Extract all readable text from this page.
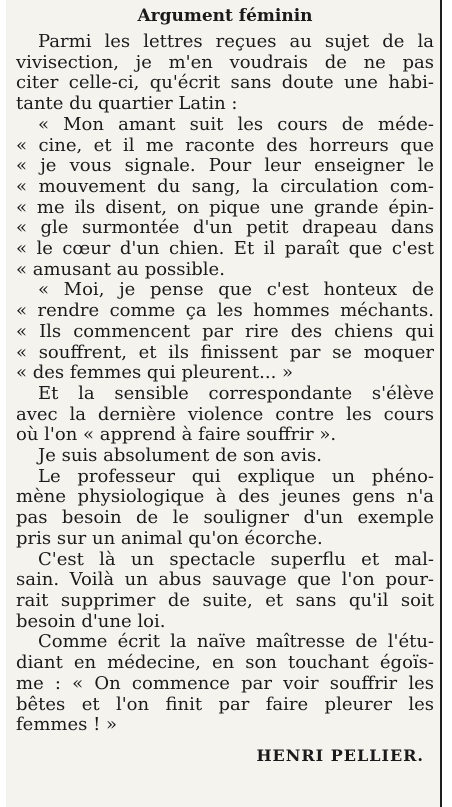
Argument féminin
Parmi les lettres reçues au sujet de la
vivisection, je m'en voudrais de ne pas
citer celle-ci, qu'écrit sans doute une habi-
tante du quartier Latin :
« Mon amant suit les cours de méde-
« cine, et il me raconte des horreurs que
« je vous signale. Pour leur enseigner le
« mouvement du sang, la circulation com-
« me ils disent, on pique une grande épin-
« gle surmontée d'un petit drapeau dans
« le cœur d'un chien. Et il paraît que c'est
« amusant au possible.
« Moi, je pense que c'est honteux de
« rendre comme ça les hommes méchants.
« Ils commencent par rire des chiens qui
« souffrent, et ils finissent par se moquer
« des femmes qui pleurent... »
Et la sensible correspondante s'élève
avec la dernière violence contre les cours
où l'on « apprend à faire souffrir ».
Je suis absolument de son avis.
Le professeur qui explique un phéno-
mène physiologique à des jeunes gens n'a
pas besoin de le souligner d'un exemple
pris sur un animal qu'on écorche.
C'est là un spectacle superflu et mal-
sain. Voilà un abus sauvage que l'on pour-
rait supprimer de suite, et sans qu'il soit
besoin d'une loi.
Comme écrit la naïve maîtresse de l'étu-
diant en médecine, en son touchant égoïs-
me : « On commence par voir souffrir les
bêtes et l'on finit par faire pleurer les
femmes ! »
HENRI PELLIER.
